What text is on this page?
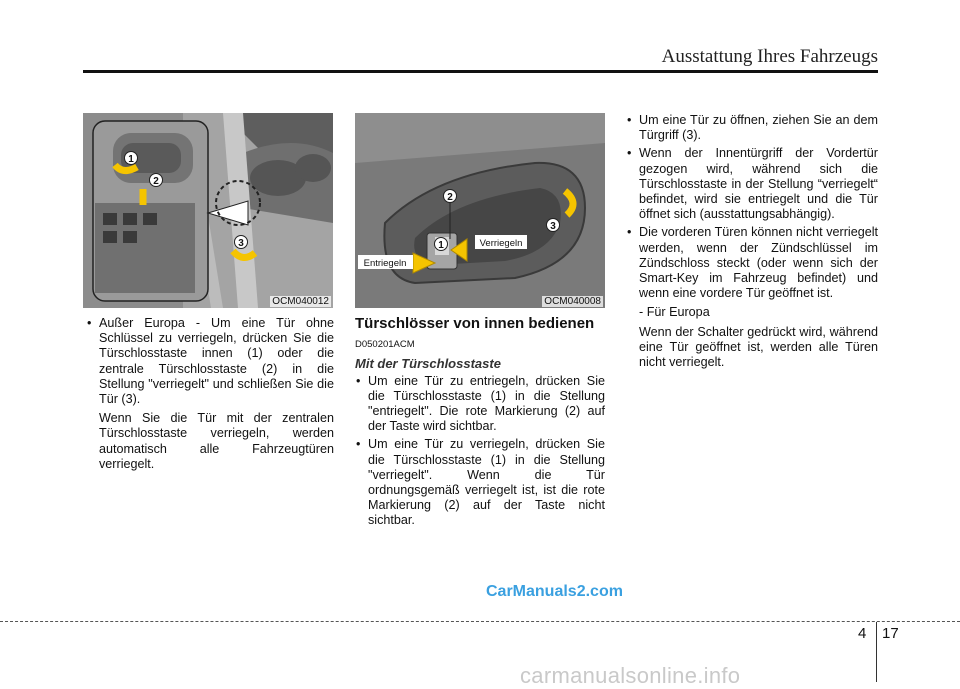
Ausstattung Ihres Fahrzeugs
1
2
3
OCM040012
2
1
3
Entriegeln
Verriegeln
OCM040008
• Außer Europa - Um eine Tür ohne Schlüssel zu verriegeln, drücken Sie die Türschlosstaste innen (1) oder die zentrale Türschlosstaste (2) in die Stellung "verriegelt" und schließen Sie die Tür (3).
Wenn Sie die Tür mit der zentralen Türschlosstaste verriegeln, werden automatisch alle Fahrzeugtüren verriegelt.
Türschlösser von innen bedienen
D050201ACM
Mit der Türschlosstaste
• Um eine Tür zu entriegeln, drücken Sie die Türschlosstaste (1) in die Stellung "entriegelt". Die rote Markierung (2) auf der Taste wird sichtbar.
• Um eine Tür zu verriegeln, drücken Sie die Türschlosstaste (1) in die Stellung "verriegelt". Wenn die Tür ordnungsgemäß verriegelt ist, ist die rote Markierung (2) auf der Taste nicht sichtbar.
• Um eine Tür zu öffnen, ziehen Sie an dem Türgriff (3).
• Wenn der Innentürgriff der Vordertür gezogen wird, während sich die Türschlosstaste in der Stellung “verriegelt“ befindet, wird sie entriegelt und die Tür öffnet sich (ausstattungsabhängig).
• Die vorderen Türen können nicht verriegelt werden, wenn der Zündschlüssel im Zündschloss steckt (oder wenn sich der Smart-Key im Fahrzeug befindet) und wenn eine vordere Tür geöffnet ist.
- Für Europa
Wenn der Schalter gedrückt wird, während eine Tür geöffnet ist, werden alle Türen nicht verriegelt.
CarManuals2.com
4 17
carmanualsonline.info
